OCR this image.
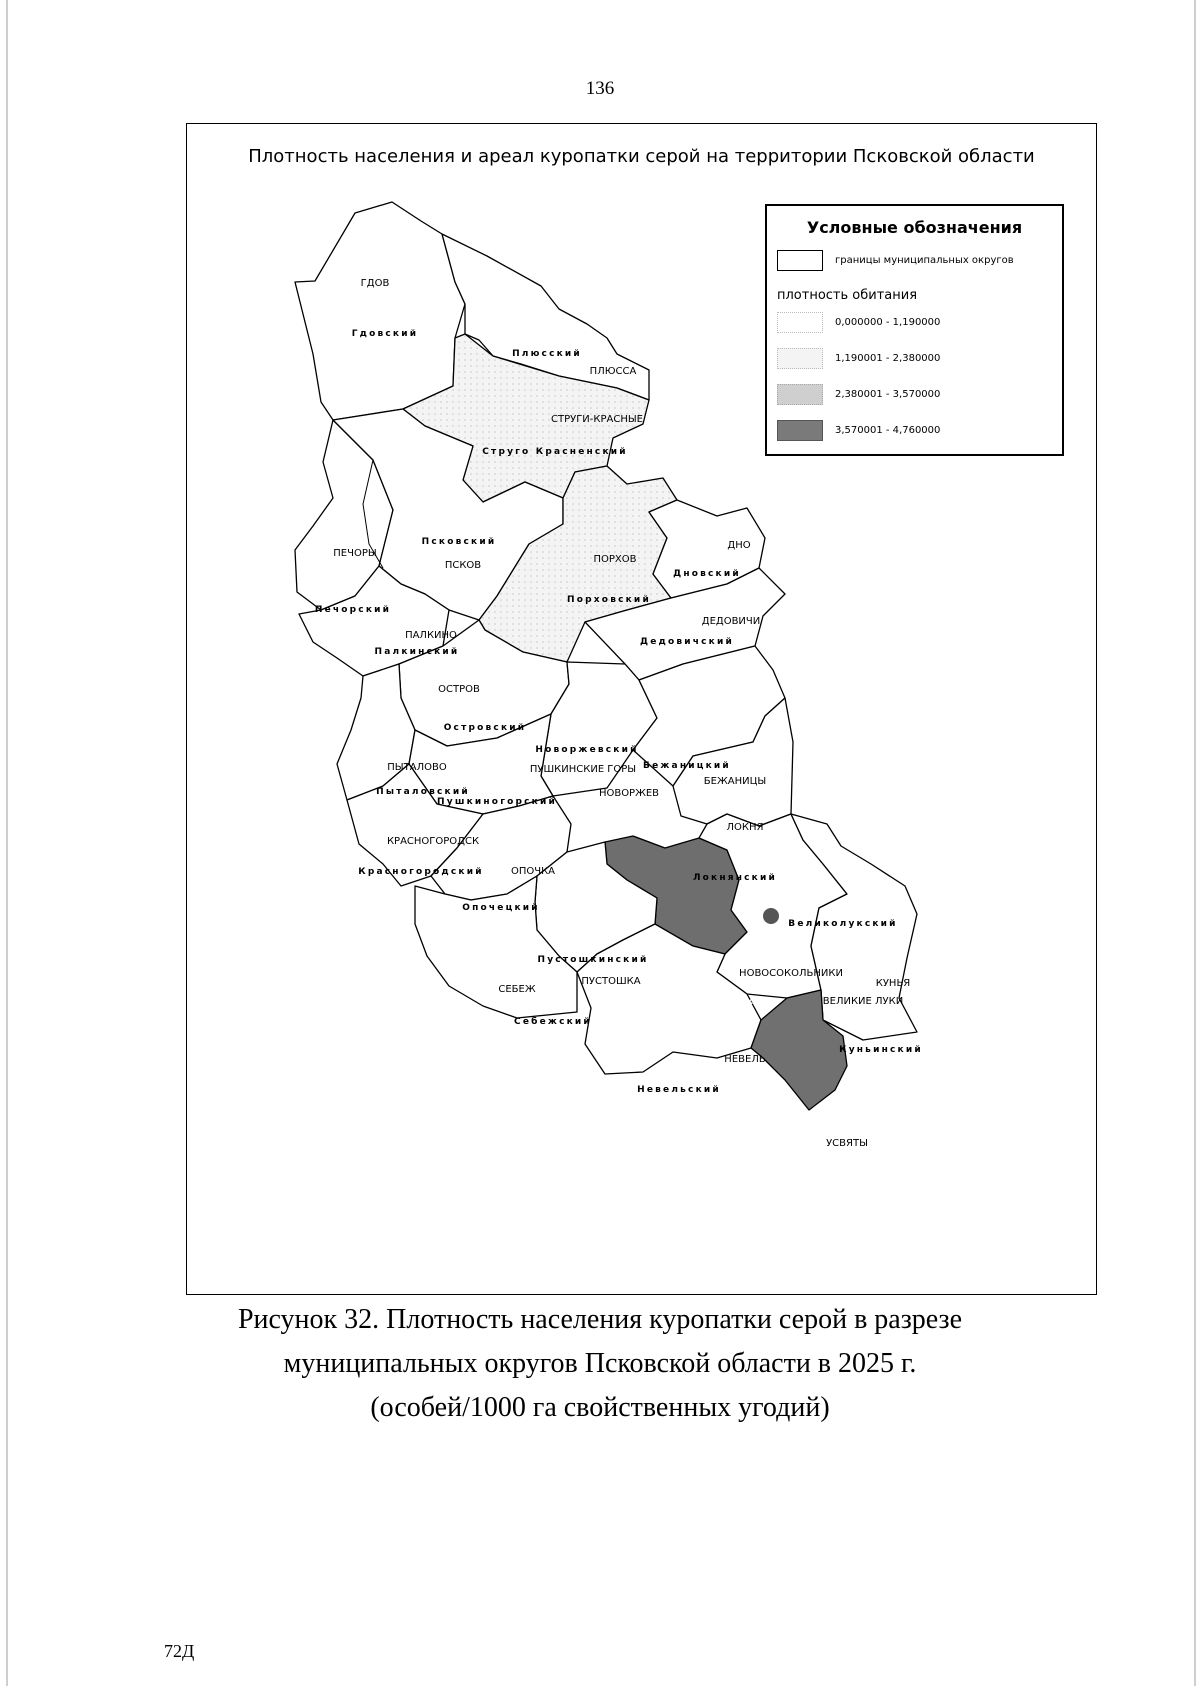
136
Плотность населения и ареал куропатки серой на территории Псковской области
Гдовский
Плюсский
Струго Красненский
Псковский
Печорский
Палкинский
Порховский
Дновский
Дедовичский
Островский
Новоржевский
Бежаницкий
Пыталовский
Пушкиногорский
Красногородский
Опочецкий
Локнянский
Великолукский
Пустошкинский
Новосокольнический
Себежский
Куньинский
Невельский
Усвятский
ГДОВ
ПЛЮССА
СТРУГИ-КРАСНЫЕ
ПЕЧОРЫ
ПСКОВ
ПОРХОВ
ДНО
ДЕДОВИЧИ
ПАЛКИНО
ОСТРОВ
ПЫТАЛОВО	ПУШКИНСКИЕ ГОРЫ
НОВОРЖЕВ
БЕЖАНИЦЫ
КРАСНОГОРОДСК
ЛОКНЯ
ОПОЧКА
НОВОСОКОЛЬНИКИ
ПУСТОШКА
СЕБЕЖ
ВЕЛИКИЕ ЛУКИ
КУНЬЯ
НЕВЕЛЬ
УСВЯТЫ
Условные обозначения
границы муниципальных округов
плотность обитания
0,000000 - 1,190000
1,190001 - 2,380000
2,380001 - 3,570000
3,570001 - 4,760000
Рисунок 32. Плотность населения куропатки серой в разрезе
муниципальных округов Псковской области в 2025 г.
(особей/1000 га свойственных угодий)
72Д
